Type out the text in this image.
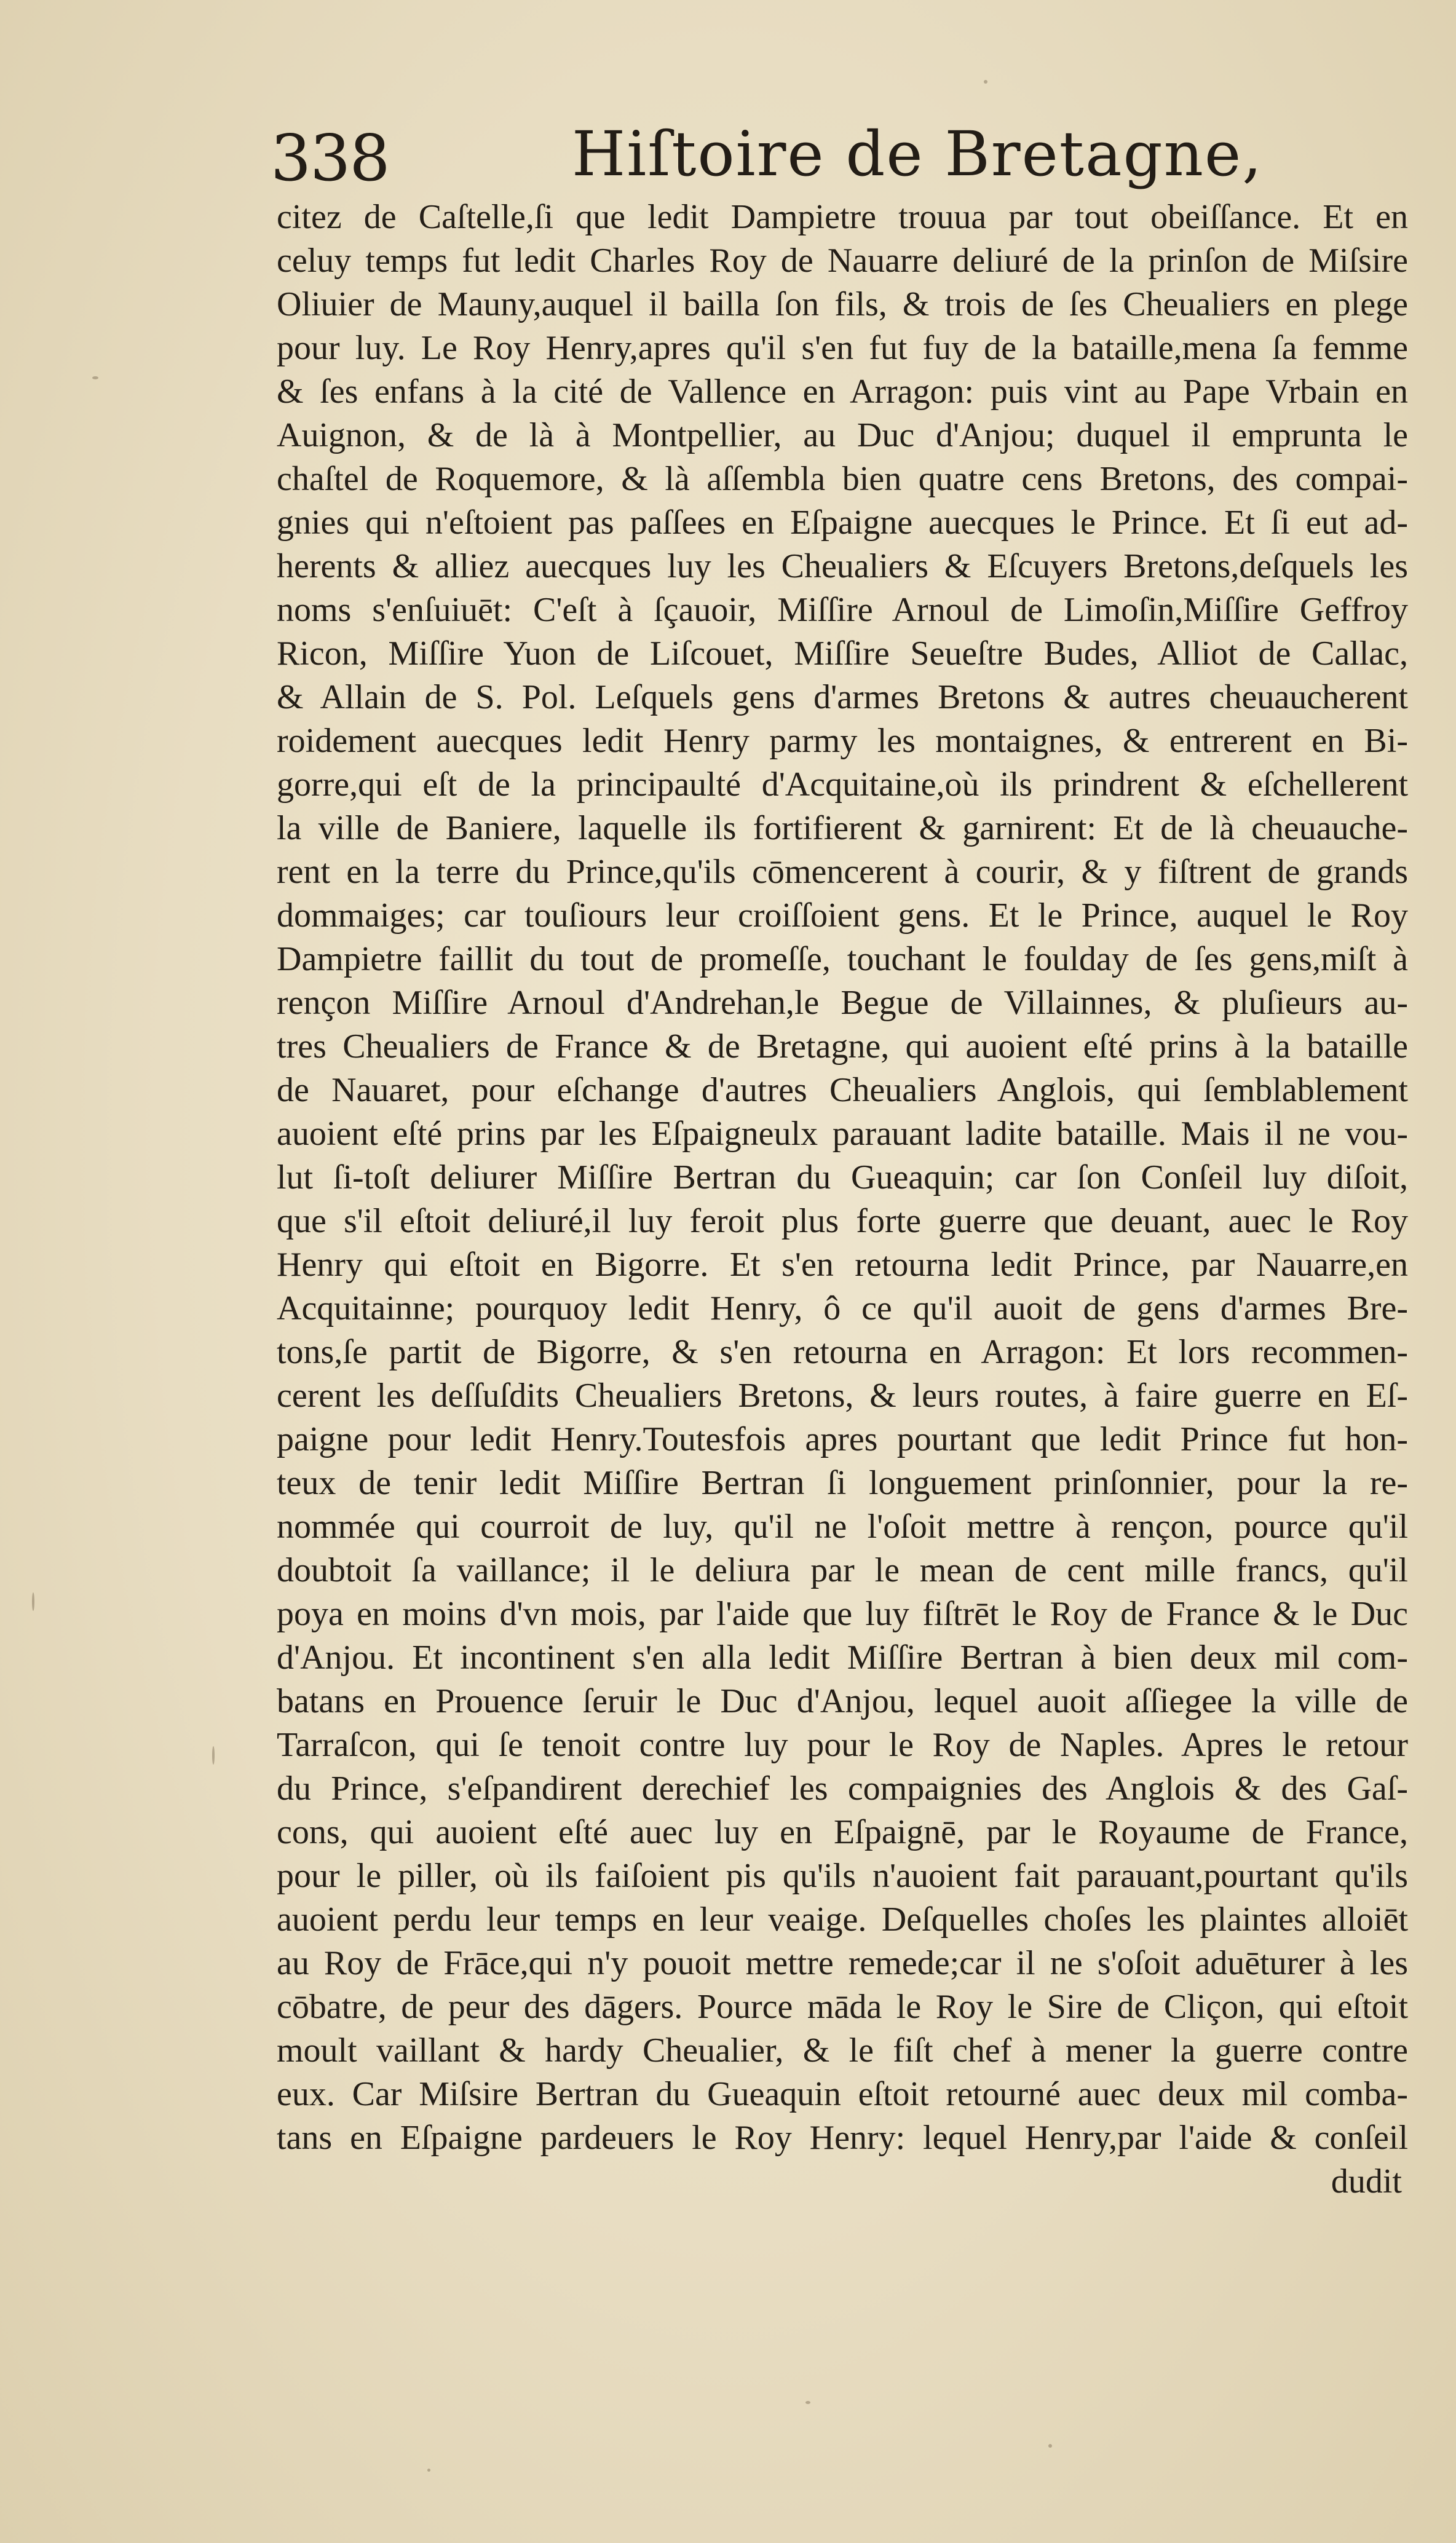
338	Hiſtoire de Bretagne,
citez de Caſtelle,ſi que ledit Dampietre trouua par tout obeiſſance. Et en
celuy temps fut ledit Charles Roy de Nauarre deliuré de la prinſon de Miſsire
Oliuier de Mauny,auquel il bailla ſon fils, & trois de ſes Cheualiers en plege
pour luy. Le Roy Henry,apres qu'il s'en fut fuy de la bataille,mena ſa femme
& ſes enfans à la cité de Vallence en Arragon: puis vint au Pape Vrbain en
Auignon, & de là à Montpellier, au Duc d'Anjou; duquel il emprunta le
chaſtel de Roquemore, & là aſſembla bien quatre cens Bretons, des compai-
gnies qui n'eſtoient pas paſſees en Eſpaigne auecques le Prince. Et ſi eut ad-
herents & alliez auecques luy les Cheualiers & Eſcuyers Bretons,deſquels les
noms s'enſuiuēt: C'eſt à ſçauoir, Miſſire Arnoul de Limoſin,Miſſire Geffroy
Ricon, Miſſire Yuon de Liſcouet, Miſſire Seueſtre Budes, Alliot de Callac,
& Allain de S. Pol. Leſquels gens d'armes Bretons & autres cheuaucherent
roidement auecques ledit Henry parmy les montaignes, & entrerent en Bi-
gorre,qui eſt de la principaulté d'Acquitaine,où ils prindrent & eſchellerent
la ville de Baniere, laquelle ils fortifierent & garnirent: Et de là cheuauche-
rent en la terre du Prince,qu'ils cōmencerent à courir, & y fiſtrent de grands
dommaiges; car touſiours leur croiſſoient gens. Et le Prince, auquel le Roy
Dampietre faillit du tout de promeſſe, touchant le foulday de ſes gens,miſt à
rençon Miſſire Arnoul d'Andrehan,le Begue de Villainnes, & pluſieurs au-
tres Cheualiers de France & de Bretagne, qui auoient eſté prins à la bataille
de Nauaret, pour eſchange d'autres Cheualiers Anglois, qui ſemblablement
auoient eſté prins par les Eſpaigneulx parauant ladite bataille. Mais il ne vou-
lut ſi-toſt deliurer Miſſire Bertran du Gueaquin; car ſon Conſeil luy diſoit,
que s'il eſtoit deliuré,il luy feroit plus forte guerre que deuant, auec le Roy
Henry qui eſtoit en Bigorre. Et s'en retourna ledit Prince, par Nauarre,en
Acquitainne; pourquoy ledit Henry, ô ce qu'il auoit de gens d'armes Bre-
tons,ſe partit de Bigorre, & s'en retourna en Arragon: Et lors recommen-
cerent les deſſuſdits Cheualiers Bretons, & leurs routes, à faire guerre en Eſ-
paigne pour ledit Henry.Toutesfois apres pourtant que ledit Prince fut hon-
teux de tenir ledit Miſſire Bertran ſi longuement prinſonnier, pour la re-
nommée qui courroit de luy, qu'il ne l'oſoit mettre à rençon, pource qu'il
doubtoit ſa vaillance; il le deliura par le mean de cent mille francs, qu'il
poya en moins d'vn mois, par l'aide que luy fiſtrēt le Roy de France & le Duc
d'Anjou. Et incontinent s'en alla ledit Miſſire Bertran à bien deux mil com-
batans en Prouence ſeruir le Duc d'Anjou, lequel auoit aſſiegee la ville de
Tarraſcon, qui ſe tenoit contre luy pour le Roy de Naples. Apres le retour
du Prince, s'eſpandirent derechief les compaignies des Anglois & des Gaſ-
cons, qui auoient eſté auec luy en Eſpaignē, par le Royaume de France,
pour le piller, où ils faiſoient pis qu'ils n'auoient fait parauant,pourtant qu'ils
auoient perdu leur temps en leur veaige. Deſquelles choſes les plaintes alloiēt
au Roy de Frāce,qui n'y pouoit mettre remede;car il ne s'oſoit aduēturer à les
cōbatre, de peur des dāgers. Pource māda le Roy le Sire de Cliçon, qui eſtoit
moult vaillant & hardy Cheualier, & le fiſt chef à mener la guerre contre
eux. Car Miſsire Bertran du Gueaquin eſtoit retourné auec deux mil comba-
tans en Eſpaigne pardeuers le Roy Henry: lequel Henry,par l'aide & conſeil
dudit
